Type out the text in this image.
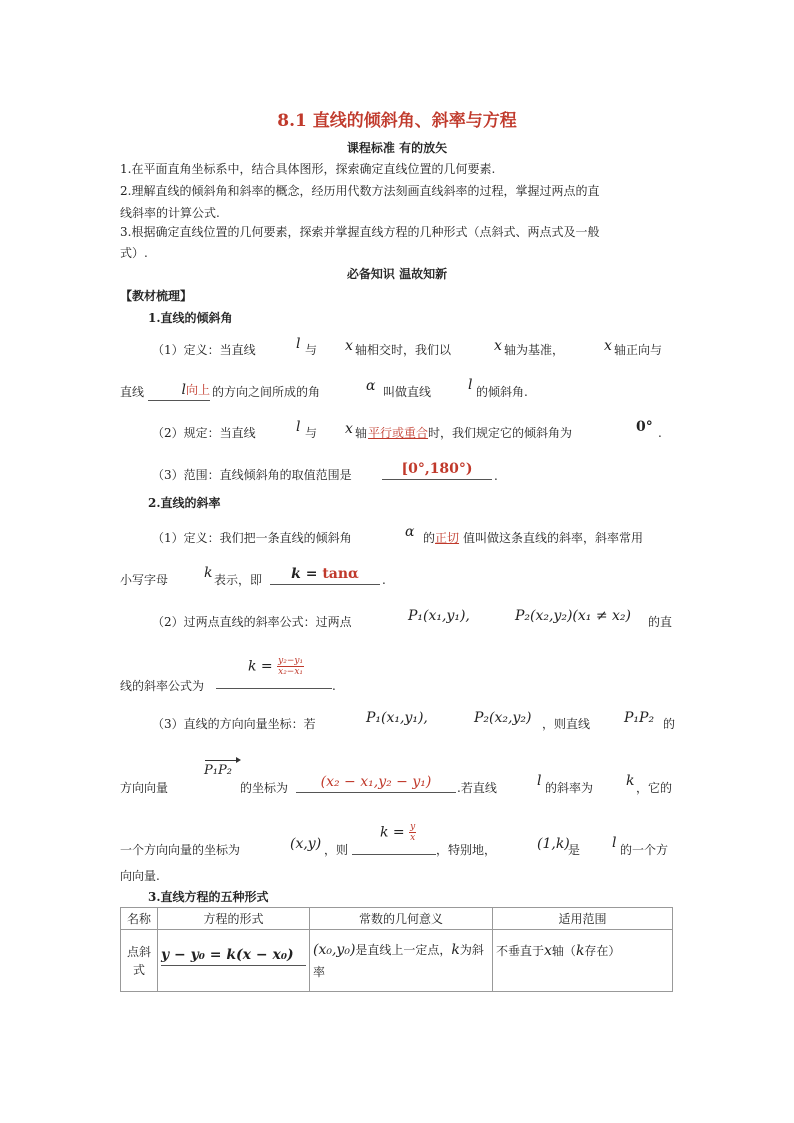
8.1 直线的倾斜角、斜率与方程
课程标准 有的放矢
1.在平面直角坐标系中，结合具体图形，探索确定直线位置的几何要素.
2.理解直线的倾斜角和斜率的概念，经历用代数方法刻画直线斜率的过程，掌握过两点的直
线斜率的计算公式.
3.根据确定直线位置的几何要素，探索并掌握直线方程的几种形式（点斜式、两点式及一般
式）.
必备知识 温故知新
【教材梳理】
1.直线的倾斜角
（1）定义：当直线	l 与 x 轴相交时，我们以	x 轴为基准，	x 轴正向与
直线	l向上 的方向之间所成的角	α 叫做直线	l 的倾斜角.
（2）规定：当直线	l 与 x 轴 平行或重合 时，我们规定它的倾斜角为	0° .
（3）范围：直线倾斜角的取值范围是	[0°,180°)	.
2.直线的斜率
（1）定义：我们把一条直线的倾斜角	α 的正切 值叫做这条直线的斜率，斜率常用
小写字母	k 表示，即	k = tanα	.
（2）过两点直线的斜率公式：过两点	P₁(x₁,y₁),	P₂(x₂,y₂)(x₁ ≠ x₂) 的直
$k = \frac{\text{y₂−y₁}}{\text{x₂−x₁}}$
线的斜率公式为	.
（3）直线的方向向量坐标：若	P₁(x₁,y₁),	P₂(x₂,y₂) ，则直线 P₁P₂ 的
方向向量
P₁P₂
的坐标为	(x₂ − x₁,y₂ − y₁)	.若直线	l 的斜率为 k ，它的
$k = \frac{y}{x}$
一个方向向量的坐标为	(x,y) ，则	，特别地，	(1,k)
是 l 的一个方
向向量.
3.直线方程的五种形式
名称	方程的形式	常数的几何意义	适用范围
点斜式	y − y₀ = k(x − x₀)	(x₀,y₀)是直线上一定点，k为斜率	不垂直于x轴（k存在）
